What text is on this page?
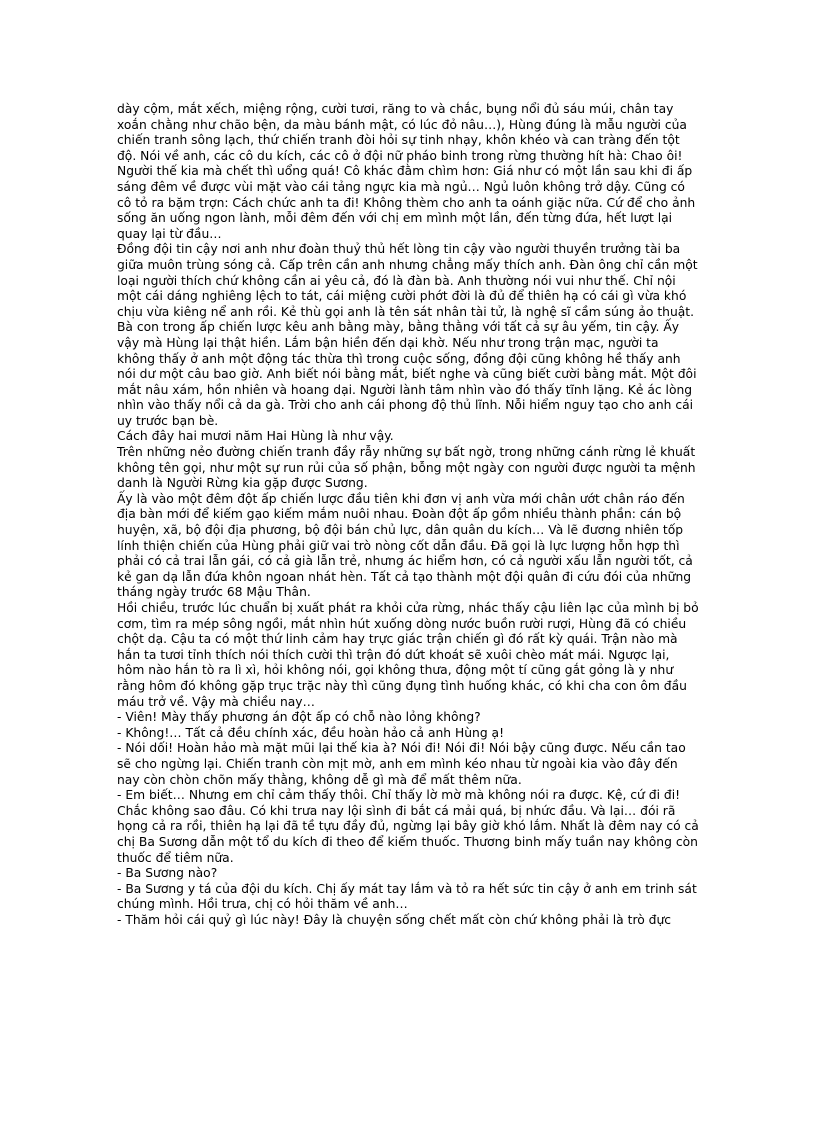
dày cộm, mắt xếch, miệng rộng, cười tươi, răng to và chắc, bụng nổi đủ sáu múi, chân tay xoắn chằng như chão bện, da màu bánh mật, có lúc đỏ nâu…), Hùng đúng là mẫu người của chiến tranh sông lạch, thứ chiến tranh đòi hỏi sự tinh nhạy, khôn khéo và can tràng đến tột độ. Nói về anh, các cô du kích, các cô ở đội nữ pháo binh trong rừng thường hít hà: Chao ôi! Người thế kia mà chết thì uổng quá! Cô khác đằm chìm hơn: Giá như có một lần sau khi đi ấp sáng đêm về được vùi mặt vào cái tảng ngực kia mà ngủ… Ngủ luôn không trở dậy. Cũng có cô tỏ ra bặm trợn: Cách chức anh ta đi! Không thèm cho anh ta oánh giặc nữa. Cứ để cho ảnh sống ăn uống ngon lành, mỗi đêm đến với chị em mình một lần, đến từng đứa, hết lượt lại quay lại từ đầu…

Đồng đội tin cậy nơi anh như đoàn thuỷ thủ hết lòng tin cậy vào người thuyền trưởng tài ba giữa muôn trùng sóng cả. Cấp trên cần anh nhưng chẳng mấy thích anh. Đàn ông chỉ cần một loại người thích chứ không cần ai yêu cả, đó là đàn bà. Anh thường nói vui như thế. Chỉ nội một cái dáng nghiêng lệch to tát, cái miệng cười phớt đời là đủ để thiên hạ có cái gì vừa khó chịu vừa kiêng nể anh rồi. Kẻ thù gọi anh là tên sát nhân tài tử, là nghệ sĩ cầm súng ảo thuật. Bà con trong ấp chiến lược kêu anh bằng mày, bằng thằng với tất cả sự âu yếm, tin cậy. Ấy vậy mà Hùng lại thật hiền. Lắm bận hiền đến dại khờ. Nếu như trong trận mạc, người ta không thấy ở anh một động tác thừa thì trong cuộc sống, đồng đội cũng không hề thấy anh nói dư một câu bao giờ. Anh biết nói bằng mắt, biết nghe và cũng biết cười bằng mắt. Một đôi mắt nâu xám, hồn nhiên và hoang dại. Người lành tâm nhìn vào đó thấy tĩnh lặng. Kẻ ác lòng nhìn vào thấy nổi cả da gà. Trời cho anh cái phong độ thủ lĩnh. Nỗi hiểm nguy tạo cho anh cái uy trước bạn bè.

Cách đây hai mươi năm Hai Hùng là như vậy.

Trên những nẻo đường chiến tranh đầy rẫy những sự bất ngờ, trong những cánh rừng lẻ khuất không tên gọi, như một sự run rủi của số phận, bỗng một ngày con người được người ta mệnh danh là Người Rừng kia gặp được Sương.

Ấy là vào một đêm đột ấp chiến lược đầu tiên khi đơn vị anh vừa mới chân ướt chân ráo đến địa bàn mới để kiếm gạo kiếm mắm nuôi nhau. Đoàn đột ấp gồm nhiều thành phần: cán bộ huyện, xã, bộ đội địa phương, bộ đội bán chủ lực, dân quân du kích… Và lẽ đương nhiên tốp lính thiện chiến của Hùng phải giữ vai trò nòng cốt dẫn đầu. Đã gọi là lực lượng hỗn hợp thì phải có cả trai lẫn gái, có cả già lẫn trẻ, nhưng ác hiểm hơn, có cả người xấu lẫn người tốt, cả kẻ gan dạ lẫn đứa khôn ngoan nhát hèn. Tất cả tạo thành một đội quân đi cứu đói của những tháng ngày trước 68 Mậu Thân.

Hồi chiều, trước lúc chuẩn bị xuất phát ra khỏi cửa rừng, nhác thấy cậu liên lạc của mình bị bỏ cơm, tìm ra mép sông ngồi, mắt nhìn hút xuống dòng nước buồn rười rượi, Hùng đã có chiều chột dạ. Cậu ta có một thứ linh cảm hay trực giác trận chiến gì đó rất kỳ quái. Trận nào mà hắn ta tươi tỉnh thích nói thích cười thì trận đó dứt khoát sẽ xuôi chèo mát mái. Ngược lại, hôm nào hắn tò ra lì xì, hỏi không nói, gọi không thưa, động một tí cũng gắt gỏng là y như rằng hôm đó không gặp trục trặc này thì cũng đụng tình huống khác, có khi cha con ôm đầu máu trở về. Vậy mà chiều nay…

- Viên! Mày thấy phương án đột ấp có chỗ nào lỏng không?

- Không!… Tất cả đều chính xác, đều hoàn hảo cả anh Hùng ạ!

- Nói dối! Hoàn hảo mà mặt mũi lại thế kia à? Nói đi! Nói đi! Nói bậy cũng được. Nếu cần tao sẽ cho ngừng lại. Chiến tranh còn mịt mờ, anh em mình kéo nhau từ ngoài kia vào đây đến nay còn chòn chõn mấy thằng, không dễ gì mà để mất thêm nữa.

- Em biết… Nhưng em chỉ cảm thấy thôi. Chỉ thấy lờ mờ mà không nói ra được. Kệ, cứ đi đi! Chắc không sao đâu. Có khi trưa nay lội sình đi bắt cá mải quá, bị nhức đầu. Và lại… đói rã họng cả ra rồi, thiên hạ lại đã tề tựu đầy đủ, ngừng lại bây giờ khó lắm. Nhất là đêm nay có cả chị Ba Sương dẫn một tổ du kích đi theo để kiếm thuốc. Thương binh mấy tuần nay không còn thuốc để tiêm nữa.

- Ba Sương nào?

- Ba Sương y tá của đội du kích. Chị ấy mát tay lắm và tỏ ra hết sức tin cậy ở anh em trinh sát chúng mình. Hồi trưa, chị có hỏi thăm về anh…

- Thăm hỏi cái quỷ gì lúc này! Đây là chuyện sống chết mất còn chứ không phải là trò đực
